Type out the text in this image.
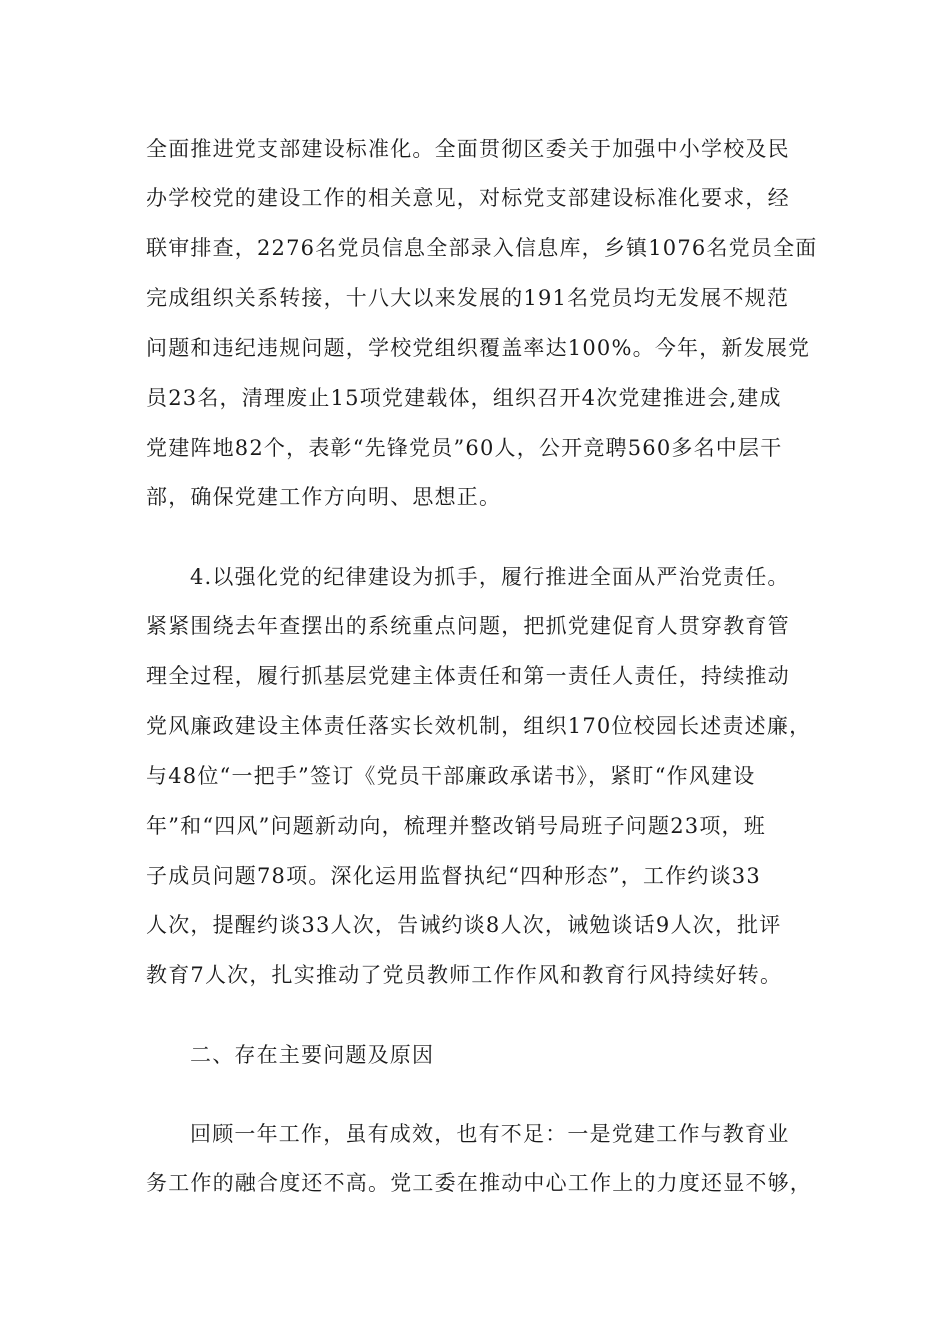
全面推进党支部建设标准化。全面贯彻区委关于加强中小学校及民
办学校党的建设工作的相关意见，对标党支部建设标准化要求，经
联审排查，2276名党员信息全部录入信息库，乡镇1076名党员全面
完成组织关系转接，十八大以来发展的191名党员均无发展不规范
问题和违纪违规问题，学校党组织覆盖率达100%。今年，新发展党
员23名，清理废止15项党建载体，组织召开4次党建推进会,建成
党建阵地82个，表彰“先锋党员”60人，公开竞聘560多名中层干
部，确保党建工作方向明、思想正。
4.以强化党的纪律建设为抓手，履行推进全面从严治党责任。
紧紧围绕去年查摆出的系统重点问题，把抓党建促育人贯穿教育管
理全过程，履行抓基层党建主体责任和第一责任人责任，持续推动
党风廉政建设主体责任落实长效机制，组织170位校园长述责述廉，
与48位“一把手”签订《党员干部廉政承诺书》，紧盯“作风建设
年”和“四风”问题新动向，梳理并整改销号局班子问题23项，班
子成员问题78项。深化运用监督执纪“四种形态”，工作约谈33
人次，提醒约谈33人次，告诫约谈8人次，诫勉谈话9人次，批评
教育7人次，扎实推动了党员教师工作作风和教育行风持续好转。
二、存在主要问题及原因
回顾一年工作，虽有成效，也有不足：一是党建工作与教育业
务工作的融合度还不高。党工委在推动中心工作上的力度还显不够，
